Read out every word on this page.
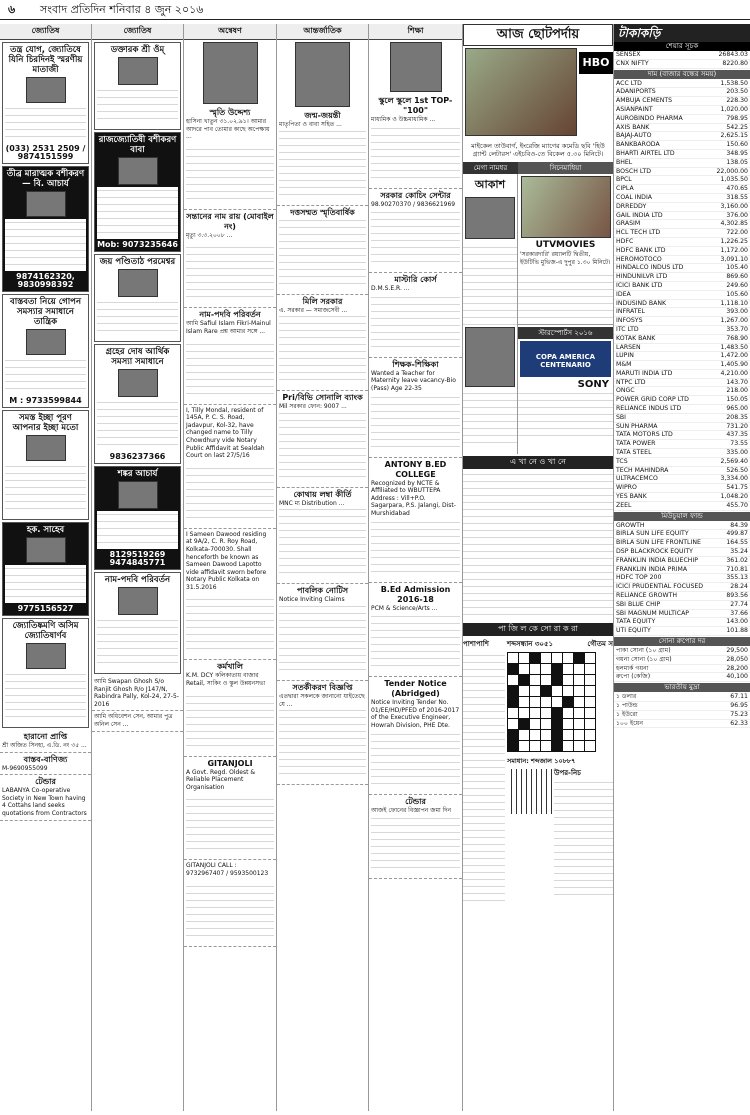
৬ সংবাদ প্রতিদিন শনিবার ৪ জুন ২০১৬
জ্যোতিষ
তন্ত্র যোগ, জ্যোতিষে যিনি চিরদিনই স্মরণীয় মাতাজী
(033) 2531 2509 / 9874151599
তীব্র মারাত্মক বশীকরণ — বি. আচার্য
9874162320, 9830998392
বাস্তবতা নিয়ে গোপন সমস্যার সমাধানে তান্ত্রিক
M : 9733599844
সমস্ত ইচ্ছা পূরণ আপনার ইচ্ছা মতো
হক. সাহেব
9775156527
জ্যোতিষ্কমণি অসিম জ্যোতিষার্ণব
হারানো প্রাপ্তি
শ্রী অজিত সিনহা, এ.ডি. নং ৩৫ ...
বাস্তব-বাণিজ্য
M-9690955099
টেন্ডার
LABANYA Co-operative Society in New Town having 4 Cottahs land seeks quotations from Contractors
জ্যোতিষ
ডক্তারক শ্রী ওঁম্
রাজজ্যোতিষী বশীকরণ বাবা
Mob: 9073235646
জয় পণ্ডিতাঠ পরমেশ্বর
গ্রহের দোষ আর্থিক সমস্যা সমাধানে
9836237366
শঙ্কর আচার্য
8129519269 9474845771
নাম-পদবি পরিবর্তন
আমি Swapan Ghosh S/o Ranjit Ghosh R/o J147/N, Rabindra Pally, Kol-24, 27-5-2016
আমি অধিবেশন সেন, আমার পুত্র অনিল সেন ...
অন্বেষণ
স্মৃতি উদ্দেশ্য
হাসিনা খাতুন ৩১.০২.৯১। আমার আদরে পাব তোমার কাছে অপেক্ষায় ...
সন্তানের নাম রায় (মোবাইল নং)
মৃত্যু ৩.৩.২০০৮ ...
নাম-পদবি পরিবর্তন
আমি Safiul Islam Fikri-Mainul Islam Rare প্রশ্ন আমার সঙ্গে ...
I, Tilly Mondal, resident of 145A, P. C. S. Road, Jadavpur, Kol-32, have changed name to Tilly Chowdhury vide Notary Public Affidavit at Sealdah Court on last 27/5/16
I Sameen Dawood residing at 9A/2, C. R. Roy Road, Kolkata-700030. Shall henceforth be known as Sameen Dawood Lapotto vide affidavit sworn before Notary Public Kolkata on 31.5.2016
কর্মখালি
K.M. DCY কলিকাতায় বাজার Retail, সাকিং ও স্কুল উন্নয়নসভা
GITANJOLI
A Govt. Regd. Oldest & Reliable Placement Organisation
GITANJOLI CALL : 9732967407 / 9593500123
আন্তর্জাতিক
জন্ম-জয়ন্তী
মাতৃপিতা ও বাবা সহিত ...
দত্তসম্মত স্মৃতিবার্ষিক
মিলি সরকার
এ. সরকার — সমাজসেবী ...
Pri/বিভি সোনালি ব্যাংক
Mil সরকার ফোন: 9007 ...
কোথায় লম্বা কীর্তি
MNC ম্য Distribution ...
পাবলিক নোটিস
Notice Inviting Claims
সতর্কীকরণ বিজ্ঞপ্তি
এতদ্বারা সকলকে জানানো যাইতেছে যে ...
শিক্ষা
স্কুলে স্কুলে 1st TOP-"100"
মাধ্যমিক ও উচ্চমাধ্যমিক ...
সরকার কোচিং সেন্টার
98.90270370 / 9836621969
মাস্টারি কোর্স
D.M.S.E.R. ...
শিক্ষক-শিক্ষিকা
Wanted a Teacher for Maternity leave vacancy-Bio (Pass) Age 22-35
ANTONY B.ED COLLEGE
Recognized by NCTE & Affiliated to WBUTTEPA Address : Vill+P.O. Sagarpara, P.S. Jalangi, Dist-Murshidabad
B.Ed Admission 2016-18
PCM & Science/Arts ...
Tender Notice (Abridged)
Notice Inviting Tender No. 01/EE/HD/PFED of 2016-2017 of the Executive Engineer, Howrah Division, PHE Dte.
টেন্ডার
আজই ফোনের বিজ্ঞাপন জমা দিন
আজ ছোটপর্দায়
HBO
মাইকেল তাউবার্গ, ইংরেজি ম্যাগের কমেডি ছবি 'হিউ গ্র্যান্ট লেটারস' এইচবিও-তে বিকেল ৫.৩০ মিনিটে।
মেগা নামধর	সিনেমাধিয়া
আকাশ
UTVMOVIES
'সরকারদারি' রয়্যালটি দ্বিতীয়, ইউটিভি মুভিজ-এ দুপুর ১.৩০ মিনিটে।
স্টারস্পোর্টস ২০১৬
COPA AMERICA CENTENARIO
SONY
এ খা নে ও খা নে
পা জি ল কে সো রা ক রা
পাশাপাশি	শব্দসন্ধান ৩০৫১	গৌতম স

সমাধান: শব্দজাল ১০৮৮৭
উপর-নিচ
টাকাকড়ি
শেয়ার সূচক
SENSEX	26843.03
CNX NIFTY	8220.80
দাম (বাজার বন্ধের সময়)
ACC LTD	1,538.50
ADANIPORTS	203.50
AMBUJA CEMENTS	228.30
ASIANPAINT	1,020.00
AUROBINDO PHARMA	798.95
AXIS BANK	542.25
BAJAJ-AUTO	2,625.15
BANKBARODA	150.60
BHARTI AIRTEL LTD	348.95
BHEL	138.05
BOSCH LTD	22,000.00
BPCL	1,035.50
CIPLA	470.65
COAL INDIA	318.55
DRREDDY	3,160.00
GAIL INDIA LTD	376.00
GRASIM	4,302.85
HCL TECH LTD	722.00
HDFC	1,226.25
HDFC BANK LTD	1,172.00
HEROMOTOCO	3,091.10
HINDALCO INDUS LTD	105.40
HINDUNILVR LTD	869.60
ICICI BANK LTD	249.60
IDEA	105.60
INDUSIND BANK	1,118.10
INFRATEL	393.00
INFOSYS	1,267.00
ITC LTD	353.70
KOTAK BANK	768.90
LARSEN	1,483.50
LUPIN	1,472.00
M&M	1,405.90
MARUTI INDIA LTD	4,210.00
NTPC LTD	143.70
ONGC	218.00
POWER GRID CORP LTD	150.05
RELIANCE INDUS LTD	965.00
SBI	208.35
SUN PHARMA	731.20
TATA MOTORS LTD	437.35
TATA POWER	73.55
TATA STEEL	335.00
TCS	2,569.40
TECH MAHINDRA	526.50
ULTRACEMCO	3,334.00
WIPRO	541.75
YES BANK	1,048.20
ZEEL	455.70
মিউচুয়াল ফান্ড
GROWTH	84.39
BIRLA SUN LIFE EQUITY	499.87
BIRLA SUN LIFE FRONTLINE	164.55
DSP BLACKROCK EQUITY	35.24
FRANKLIN INDIA BLUECHIP	361.02
FRANKLIN INDIA PRIMA	710.81
HDFC TOP 200	355.13
ICICI PRUDENTIAL FOCUSED	28.24
RELIANCE GROWTH	893.56
SBI BLUE CHIP	27.74
SBI MAGNUM MULTICAP	37.66
TATA EQUITY	143.00
UTI EQUITY	101.88
সোনা রুপোর দর
পাকা সোনা (১০ গ্রাম)	29,500
গয়না সোনা (১০ গ্রাম)	28,050
হলমার্ক গয়না	28,200
রুপো (কেজি)	40,100
ভারতীয় মুদ্রা
১ ডলার	67.11
১ পাউন্ড	96.95
১ ইউরো	75.23
১০০ ইয়েন	62.33
